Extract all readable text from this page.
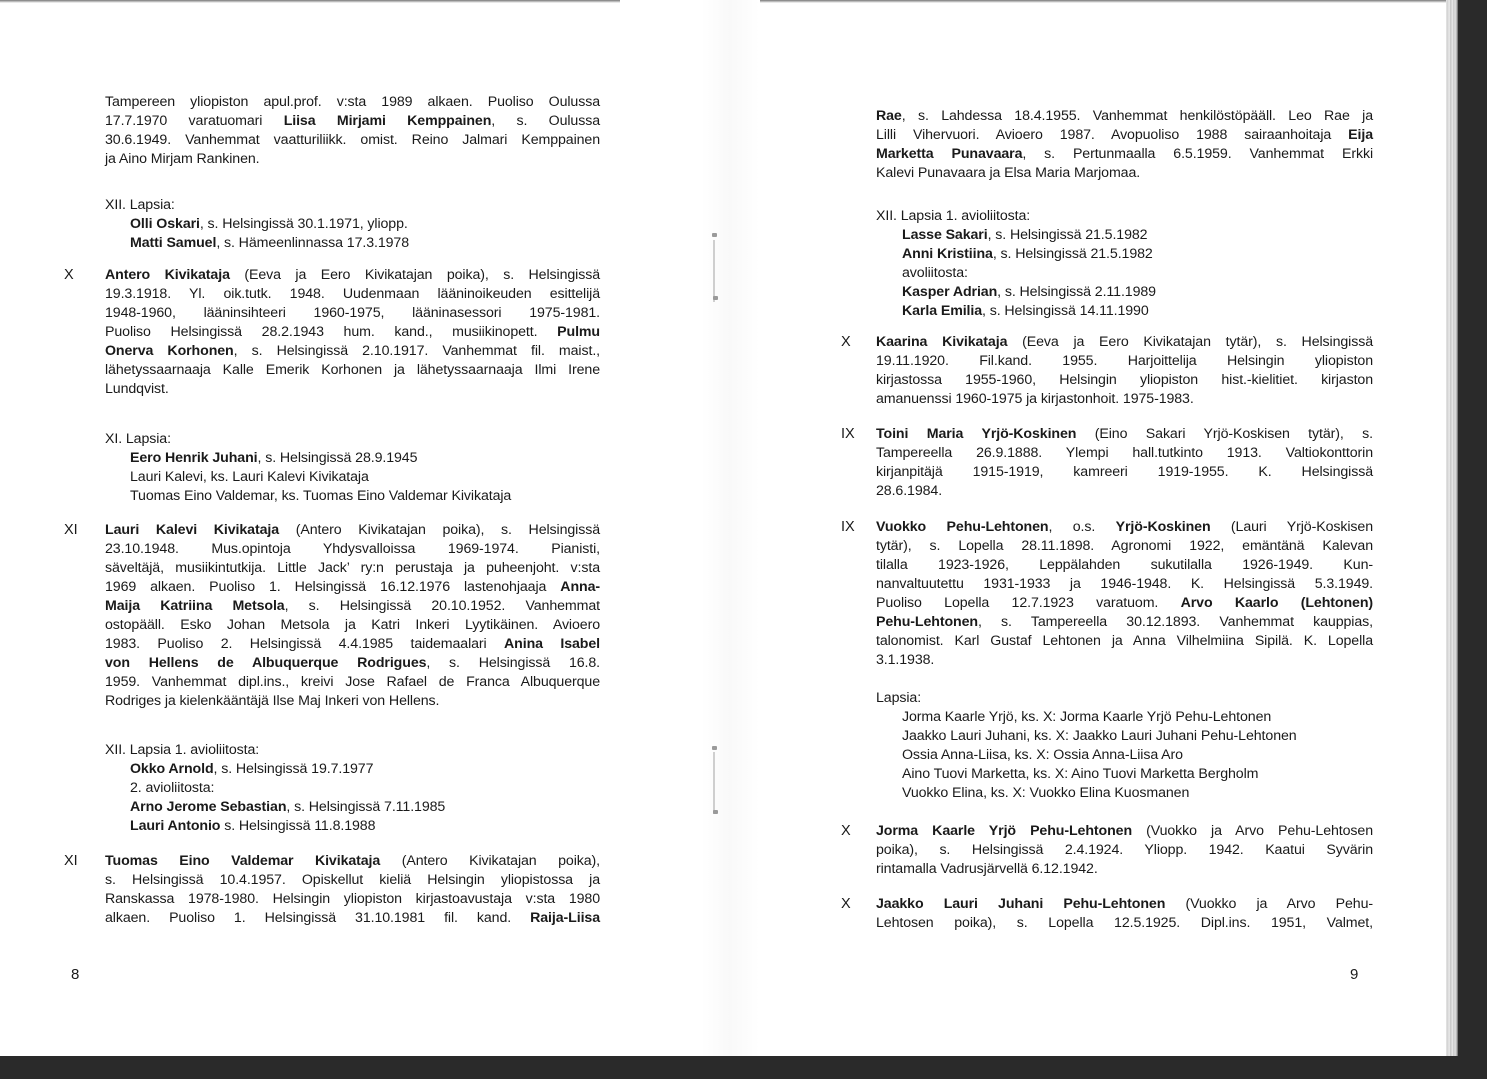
Tampereen yliopiston apul.prof. v:sta 1989 alkaen. Puoliso Oulussa
17.7.1970 varatuomari Liisa Mirjami Kemppainen, s. Oulussa
30.6.1949. Vanhemmat vaatturiliikk. omist. Reino Jalmari Kemppainen
ja Aino Mirjam Rankinen.
XII. Lapsia:
Olli Oskari, s. Helsingissä 30.1.1971, yliopp.
Matti Samuel, s. Hämeenlinnassa 17.3.1978
X Antero Kivikataja (Eeva ja Eero Kivikatajan poika), s. Helsingissä
19.3.1918. Yl. oik.tutk. 1948. Uudenmaan lääninoikeuden esittelijä
1948-1960, lääninsihteeri 1960-1975, lääninasessori 1975-1981.
Puoliso Helsingissä 28.2.1943 hum. kand., musiikinopett. Pulmu
Onerva Korhonen, s. Helsingissä 2.10.1917. Vanhemmat fil. maist.,
lähetyssaarnaaja Kalle Emerik Korhonen ja lähetyssaarnaaja Ilmi Irene
Lundqvist.
XI. Lapsia:
Eero Henrik Juhani, s. Helsingissä 28.9.1945
Lauri Kalevi, ks. Lauri Kalevi Kivikataja
Tuomas Eino Valdemar, ks. Tuomas Eino Valdemar Kivikataja
XI Lauri Kalevi Kivikataja (Antero Kivikatajan poika), s. Helsingissä
23.10.1948. Mus.opintoja Yhdysvalloissa 1969-1974. Pianisti,
säveltäjä, musiikintutkija. Little Jack’ ry:n perustaja ja puheenjoht. v:sta
1969 alkaen. Puoliso 1. Helsingissä 16.12.1976 lastenohjaaja Anna-
Maija Katriina Metsola, s. Helsingissä 20.10.1952. Vanhemmat
ostopääll. Esko Johan Metsola ja Katri Inkeri Lyytikäinen. Avioero
1983. Puoliso 2. Helsingissä 4.4.1985 taidemaalari Anina Isabel
von Hellens de Albuquerque Rodrigues, s. Helsingissä 16.8.
1959. Vanhemmat dipl.ins., kreivi Jose Rafael de Franca Albuquerque
Rodriges ja kielenkääntäjä Ilse Maj Inkeri von Hellens.
XII. Lapsia 1. avioliitosta:
Okko Arnold, s. Helsingissä 19.7.1977
2. avioliitosta:
Arno Jerome Sebastian, s. Helsingissä 7.11.1985
Lauri Antonio s. Helsingissä 11.8.1988
XI Tuomas Eino Valdemar Kivikataja (Antero Kivikatajan poika),
s. Helsingissä 10.4.1957. Opiskellut kieliä Helsingin yliopistossa ja
Ranskassa 1978-1980. Helsingin yliopiston kirjastoavustaja v:sta 1980
alkaen. Puoliso 1. Helsingissä 31.10.1981 fil. kand. Raija-Liisa
Rae, s. Lahdessa 18.4.1955. Vanhemmat henkilöstöpääll. Leo Rae ja
Lilli Vihervuori. Avioero 1987. Avopuoliso 1988 sairaanhoitaja Eija
Marketta Punavaara, s. Pertunmaalla 6.5.1959. Vanhemmat Erkki
Kalevi Punavaara ja Elsa Maria Marjomaa.
XII. Lapsia 1. avioliitosta:
Lasse Sakari, s. Helsingissä 21.5.1982
Anni Kristiina, s. Helsingissä 21.5.1982
avoliitosta:
Kasper Adrian, s. Helsingissä 2.11.1989
Karla Emilia, s. Helsingissä 14.11.1990
X Kaarina Kivikataja (Eeva ja Eero Kivikatajan tytär), s. Helsingissä
19.11.1920. Fil.kand. 1955. Harjoittelija Helsingin yliopiston
kirjastossa 1955-1960, Helsingin yliopiston hist.-kielitiet. kirjaston
amanuenssi 1960-1975 ja kirjastonhoit. 1975-1983.
IX Toini Maria Yrjö-Koskinen (Eino Sakari Yrjö-Koskisen tytär), s.
Tampereella 26.9.1888. Ylempi hall.tutkinto 1913. Valtiokonttorin
kirjanpitäjä 1915-1919, kamreeri 1919-1955. K. Helsingissä
28.6.1984.
IX Vuokko Pehu-Lehtonen, o.s. Yrjö-Koskinen (Lauri Yrjö-Koskisen
tytär), s. Lopella 28.11.1898. Agronomi 1922, emäntänä Kalevan
tilalla 1923-1926, Leppälahden sukutilalla 1926-1949. Kun-
nanvaltuutettu 1931-1933 ja 1946-1948. K. Helsingissä 5.3.1949.
Puoliso Lopella 12.7.1923 varatuom. Arvo Kaarlo (Lehtonen)
Pehu-Lehtonen, s. Tampereella 30.12.1893. Vanhemmat kauppias,
talonomist. Karl Gustaf Lehtonen ja Anna Vilhelmiina Sipilä. K. Lopella
3.1.1938.
Lapsia:
Jorma Kaarle Yrjö, ks. X: Jorma Kaarle Yrjö Pehu-Lehtonen
Jaakko Lauri Juhani, ks. X: Jaakko Lauri Juhani Pehu-Lehtonen
Ossia Anna-Liisa, ks. X: Ossia Anna-Liisa Aro
Aino Tuovi Marketta, ks. X: Aino Tuovi Marketta Bergholm
Vuokko Elina, ks. X: Vuokko Elina Kuosmanen
X Jorma Kaarle Yrjö Pehu-Lehtonen (Vuokko ja Arvo Pehu-Lehtosen
poika), s. Helsingissä 2.4.1924. Yliopp. 1942. Kaatui Syvärin
rintamalla Vadrusjärvellä 6.12.1942.
X Jaakko Lauri Juhani Pehu-Lehtonen (Vuokko ja Arvo Pehu-
Lehtosen poika), s. Lopella 12.5.1925. Dipl.ins. 1951, Valmet,
8	9
